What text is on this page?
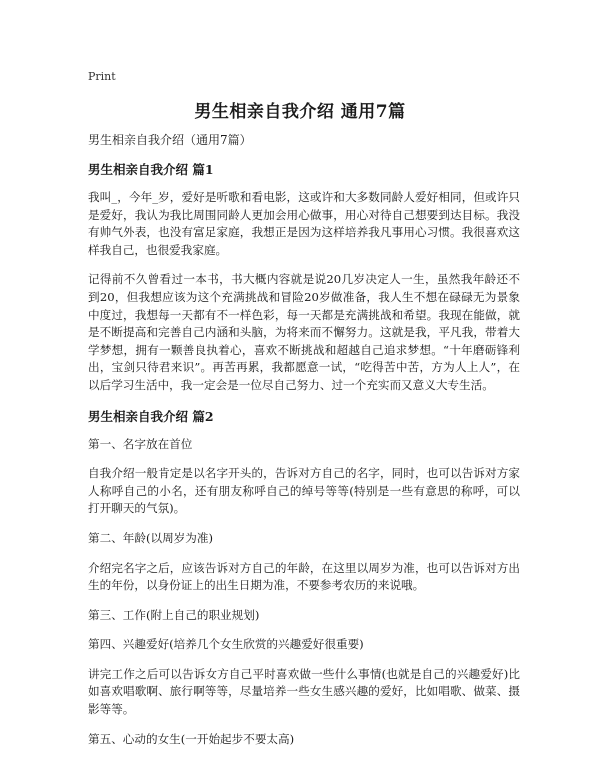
Print
男生相亲自我介绍 通用7篇
男生相亲自我介绍（通用7篇）
男生相亲自我介绍 篇1

我叫_，今年_岁，爱好是听歌和看电影，这或许和大多数同龄人爱好相同，但或许只是爱好，我认为我比周围同龄人更加会用心做事，用心对待自己想要到达目标。我没有帅气外表，也没有富足家庭，我想正是因为这样培养我凡事用心习惯。我很喜欢这样我自己，也很爱我家庭。

记得前不久曾看过一本书，书大概内容就是说20几岁决定人一生，虽然我年龄还不到20，但我想应该为这个充满挑战和冒险20岁做准备，我人生不想在碌碌无为景象中度过，我想每一天都有不一样色彩，每一天都是充满挑战和希望。我现在能做，就是不断提高和完善自己内涵和头脑，为将来而不懈努力。这就是我，平凡我，带着大学梦想，拥有一颗善良执着心，喜欢不断挑战和超越自己追求梦想。“十年磨砺锋利出，宝剑只待君来识”。再苦再累，我都愿意一试，“吃得苦中苦，方为人上人”，在以后学习生活中，我一定会是一位尽自己努力、过一个充实而又意义大专生活。

男生相亲自我介绍 篇2

第一、名字放在首位

自我介绍一般肯定是以名字开头的，告诉对方自己的名字，同时，也可以告诉对方家人称呼自己的小名，还有朋友称呼自己的绰号等等(特别是一些有意思的称呼，可以打开聊天的气氛)。

第二、年龄(以周岁为准)

介绍完名字之后，应该告诉对方自己的年龄，在这里以周岁为准，也可以告诉对方出生的年份，以身份证上的出生日期为准，不要参考农历的来说哦。

第三、工作(附上自己的职业规划)

第四、兴趣爱好(培养几个女生欣赏的兴趣爱好很重要)

讲完工作之后可以告诉女方自己平时喜欢做一些什么事情(也就是自己的兴趣爱好)比如喜欢唱歌啊、旅行啊等等，尽量培养一些女生感兴趣的爱好，比如唱歌、做菜、摄影等等。

第五、心动的女生(一开始起步不要太高)
